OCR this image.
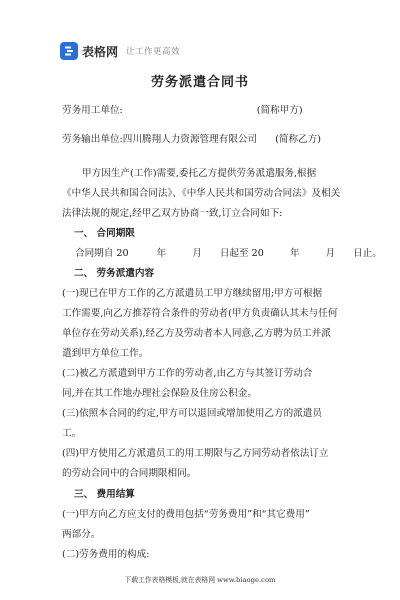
表格网 让工作更高效
劳务派遣合同书

劳务用工单位:	(简称甲方)

劳务输出单位:四川腾翔人力资源管理有限公司 (简称乙方)

甲方因生产(工作)需要,委托乙方提供劳务派遣服务,根据
《中华人民共和国合同法》、《中华人民共和国劳动合同法》及相关
法律法规的规定,经甲乙双方协商一致,订立合同如下:

一、 合同期限

合同期自 20	年	月 日起至 20	年	月 日止。

二、 劳务派遣内容

(一)现已在甲方工作的乙方派遣员工甲方继续留用;甲方可根据
工作需要,向乙方推荐符合条件的劳动者(甲方负责确认其未与任何
单位存在劳动关系),经乙方及劳动者本人同意,乙方聘为员工并派
遣到甲方单位工作。
(二)被乙方派遣到甲方工作的劳动者,由乙方与其签订劳动合
同,并在其工作地办理社会保险及住房公积金。
(三)依照本合同的约定,甲方可以退回或增加使用乙方的派遣员
工。
(四)甲方使用乙方派遣员工的用工期限与乙方同劳动者依法订立
的劳动合同中的合同期限相同。

三、 费用结算

(一)甲方向乙方应支付的费用包括“劳务费用”和“其它费用”
两部分。
(二)劳务费用的构成:

下载工作表格模板,就在表格网 www.biaoge.com
